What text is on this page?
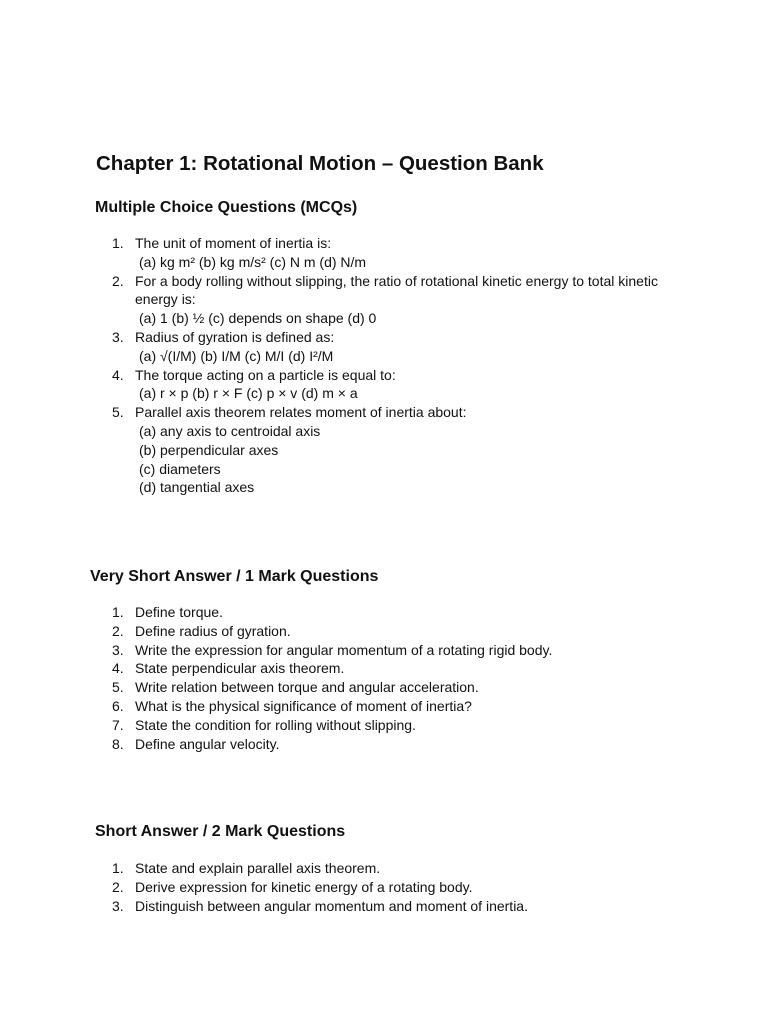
Chapter 1: Rotational Motion – Question Bank
Multiple Choice Questions (MCQs)
1. The unit of moment of inertia is:
(a) kg m² (b) kg m/s² (c) N m (d) N/m
2. For a body rolling without slipping, the ratio of rotational kinetic energy to total kinetic energy is:
(a) 1 (b) ½ (c) depends on shape (d) 0
3. Radius of gyration is defined as:
(a) √(I/M) (b) I/M (c) M/I (d) I²/M
4. The torque acting on a particle is equal to:
(a) r × p (b) r × F (c) p × v (d) m × a
5. Parallel axis theorem relates moment of inertia about:
(a) any axis to centroidal axis
(b) perpendicular axes
(c) diameters
(d) tangential axes
Very Short Answer / 1 Mark Questions
1. Define torque.
2. Define radius of gyration.
3. Write the expression for angular momentum of a rotating rigid body.
4. State perpendicular axis theorem.
5. Write relation between torque and angular acceleration.
6. What is the physical significance of moment of inertia?
7. State the condition for rolling without slipping.
8. Define angular velocity.
Short Answer / 2 Mark Questions
1. State and explain parallel axis theorem.
2. Derive expression for kinetic energy of a rotating body.
3. Distinguish between angular momentum and moment of inertia.
